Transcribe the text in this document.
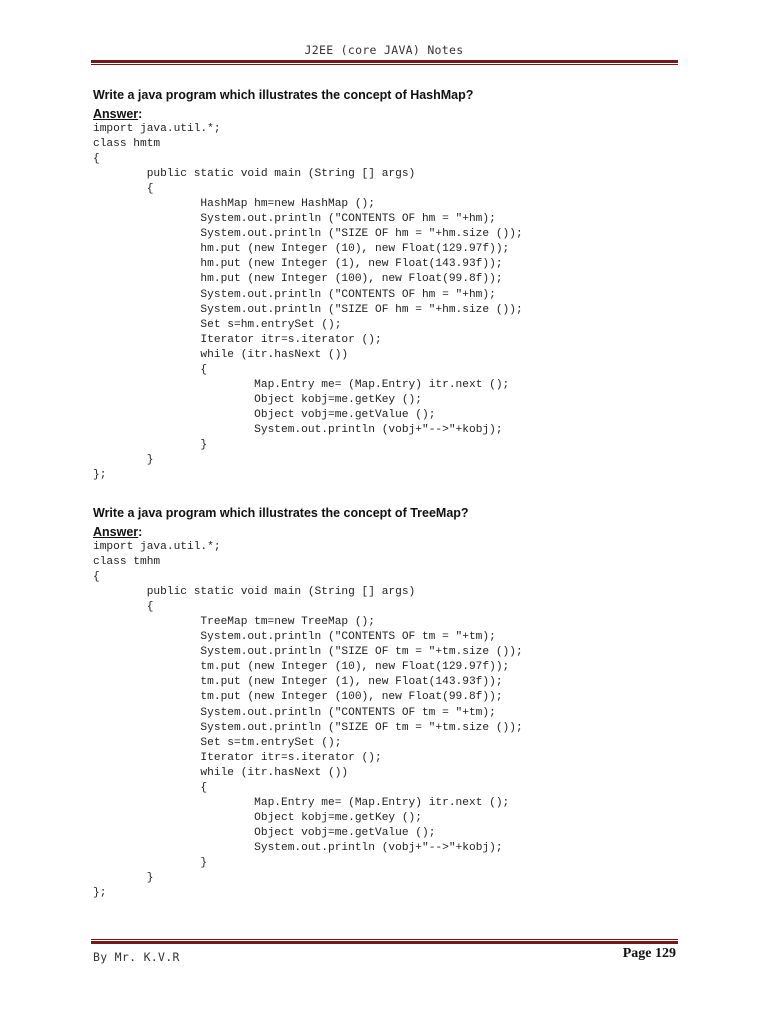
J2EE (core JAVA) Notes
Write a java program which illustrates the concept of HashMap?
Answer:
import java.util.*;
class hmtm
{
	public static void main (String [] args)
	{
		HashMap hm=new HashMap ();
		System.out.println ("CONTENTS OF hm = "+hm);
		System.out.println ("SIZE OF hm = "+hm.size ());
		hm.put (new Integer (10), new Float(129.97f));
		hm.put (new Integer (1), new Float(143.93f));
		hm.put (new Integer (100), new Float(99.8f));
		System.out.println ("CONTENTS OF hm = "+hm);
		System.out.println ("SIZE OF hm = "+hm.size ());
		Set s=hm.entrySet ();
		Iterator itr=s.iterator ();
		while (itr.hasNext ())
		{
			Map.Entry me= (Map.Entry) itr.next ();
			Object kobj=me.getKey ();
			Object vobj=me.getValue ();
			System.out.println (vobj+"-->"+kobj);
		}
	}
};
Write a java program which illustrates the concept of TreeMap?
Answer:
import java.util.*;
class tmhm
{
	public static void main (String [] args)
	{
		TreeMap tm=new TreeMap ();
		System.out.println ("CONTENTS OF tm = "+tm);
		System.out.println ("SIZE OF tm = "+tm.size ());
		tm.put (new Integer (10), new Float(129.97f));
		tm.put (new Integer (1), new Float(143.93f));
		tm.put (new Integer (100), new Float(99.8f));
		System.out.println ("CONTENTS OF tm = "+tm);
		System.out.println ("SIZE OF tm = "+tm.size ());
		Set s=tm.entrySet ();
		Iterator itr=s.iterator ();
		while (itr.hasNext ())
		{
			Map.Entry me= (Map.Entry) itr.next ();
			Object kobj=me.getKey ();
			Object vobj=me.getValue ();
			System.out.println (vobj+"-->"+kobj);
		}
	}
};
By Mr. K.V.R	Page 129
